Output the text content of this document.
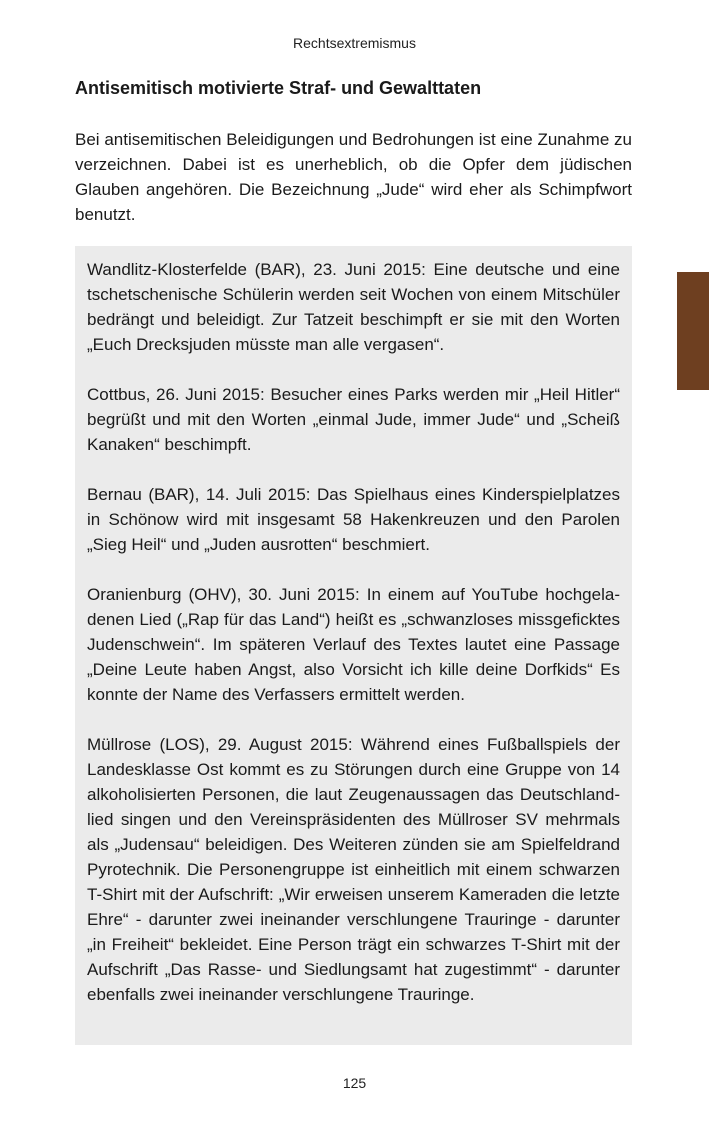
Rechtsextremismus
Antisemitisch motivierte Straf- und Gewalttaten

Bei antisemitischen Beleidigungen und Bedrohungen ist eine Zunahme zu verzeichnen. Dabei ist es unerheblich, ob die Opfer dem jüdischen Glauben angehören. Die Bezeichnung „Jude“ wird eher als Schimpfwort benutzt.

Wandlitz-Klosterfelde (BAR), 23. Juni 2015: Eine deutsche und eine tschetschenische Schülerin werden seit Wochen von einem Mitschüler bedrängt und beleidigt. Zur Tatzeit beschimpft er sie mit den Worten „Euch Drecksjuden müsste man alle vergasen“.

Cottbus, 26. Juni 2015: Besucher eines Parks werden mir „Heil Hitler“ begrüßt und mit den Worten „einmal Jude, immer Jude“ und „Scheiß Kanaken“ beschimpft.

Bernau (BAR), 14. Juli 2015: Das Spielhaus eines Kinderspielplatzes in Schönow wird mit insgesamt 58 Hakenkreuzen und den Parolen „Sieg Heil“ und „Juden ausrotten“ beschmiert.

Oranienburg (OHV), 30. Juni 2015: In einem auf YouTube hochgeladenen Lied („Rap für das Land“) heißt es „schwanzloses missgeficktes Judenschwein“. Im späteren Verlauf des Textes lautet eine Passage „Deine Leute haben Angst, also Vorsicht ich kille deine Dorfkids“ Es konnte der Name des Verfassers ermittelt werden.

Müllrose (LOS), 29. August 2015: Während eines Fußballspiels der Landesklasse Ost kommt es zu Störungen durch eine Gruppe von 14 alkoholisierten Personen, die laut Zeugenaussagen das Deutschlandlied singen und den Vereinspräsidenten des Müllroser SV mehrmals als „Judensau“ beleidigen. Des Weiteren zünden sie am Spielfeldrand Pyrotechnik. Die Personengruppe ist einheitlich mit einem schwarzen T-Shirt mit der Aufschrift: „Wir erweisen unserem Kameraden die letzte Ehre“ - darunter zwei ineinander verschlungene Trauringe - darunter „in Freiheit“ bekleidet. Eine Person trägt ein schwarzes T-Shirt mit der Aufschrift „Das Rasse- und Siedlungsamt hat zugestimmt“ - darunter ebenfalls zwei ineinander verschlungene Trauringe.

125
